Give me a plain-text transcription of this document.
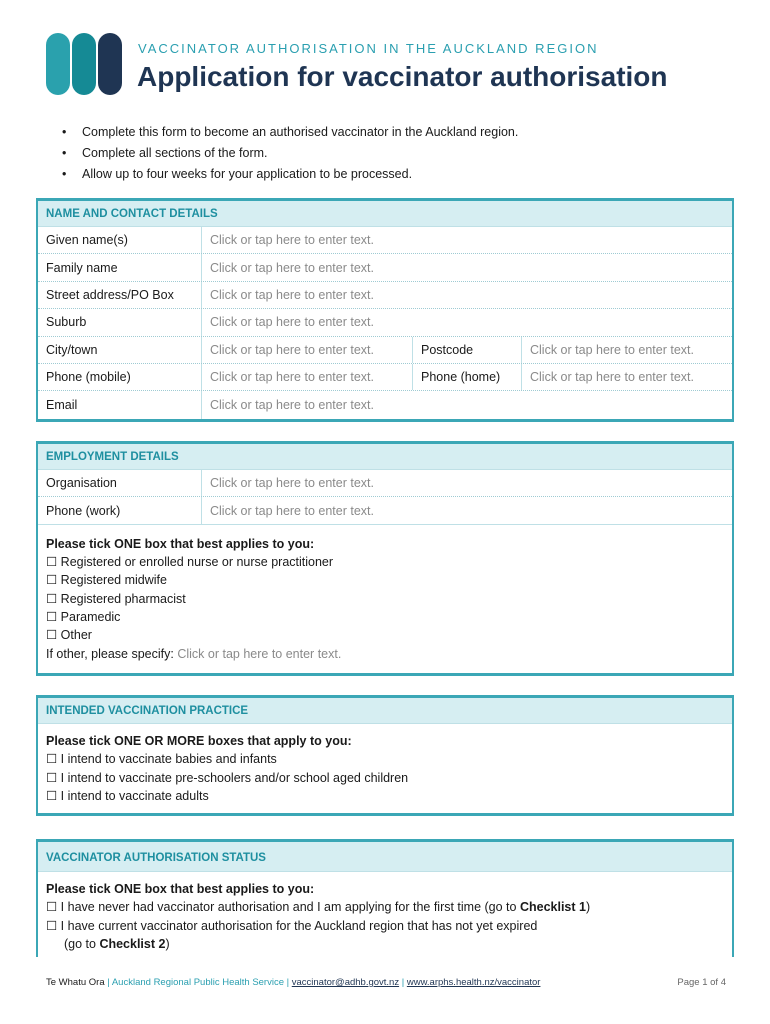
VACCINATOR AUTHORISATION IN THE AUCKLAND REGION
Application for vaccinator authorisation
• Complete this form to become an authorised vaccinator in the Auckland region.
• Complete all sections of the form.
• Allow up to four weeks for your application to be processed.
NAME AND CONTACT DETAILS
Given name(s)	Click or tap here to enter text.
Family name	Click or tap here to enter text.
Street address/PO Box	Click or tap here to enter text.
Suburb	Click or tap here to enter text.
City/town	Click or tap here to enter text.	Postcode	Click or tap here to enter text.
Phone (mobile)	Click or tap here to enter text.	Phone (home)	Click or tap here to enter text.
Email	Click or tap here to enter text.
EMPLOYMENT DETAILS
Organisation	Click or tap here to enter text.
Phone (work)	Click or tap here to enter text.
Please tick ONE box that best applies to you:
☐ Registered or enrolled nurse or nurse practitioner
☐ Registered midwife
☐ Registered pharmacist
☐ Paramedic
☐ Other
If other, please specify: Click or tap here to enter text.
INTENDED VACCINATION PRACTICE
Please tick ONE OR MORE boxes that apply to you:
☐ I intend to vaccinate babies and infants
☐ I intend to vaccinate pre-schoolers and/or school aged children
☐ I intend to vaccinate adults
VACCINATOR AUTHORISATION STATUS
Please tick ONE box that best applies to you:
☐ I have never had vaccinator authorisation and I am applying for the first time (go to Checklist 1)
☐ I have current vaccinator authorisation for the Auckland region that has not yet expired
(go to Checklist 2)
Te Whatu Ora | Auckland Regional Public Health Service | vaccinator@adhb.govt.nz | www.arphs.health.nz/vaccinator	Page 1 of 4
